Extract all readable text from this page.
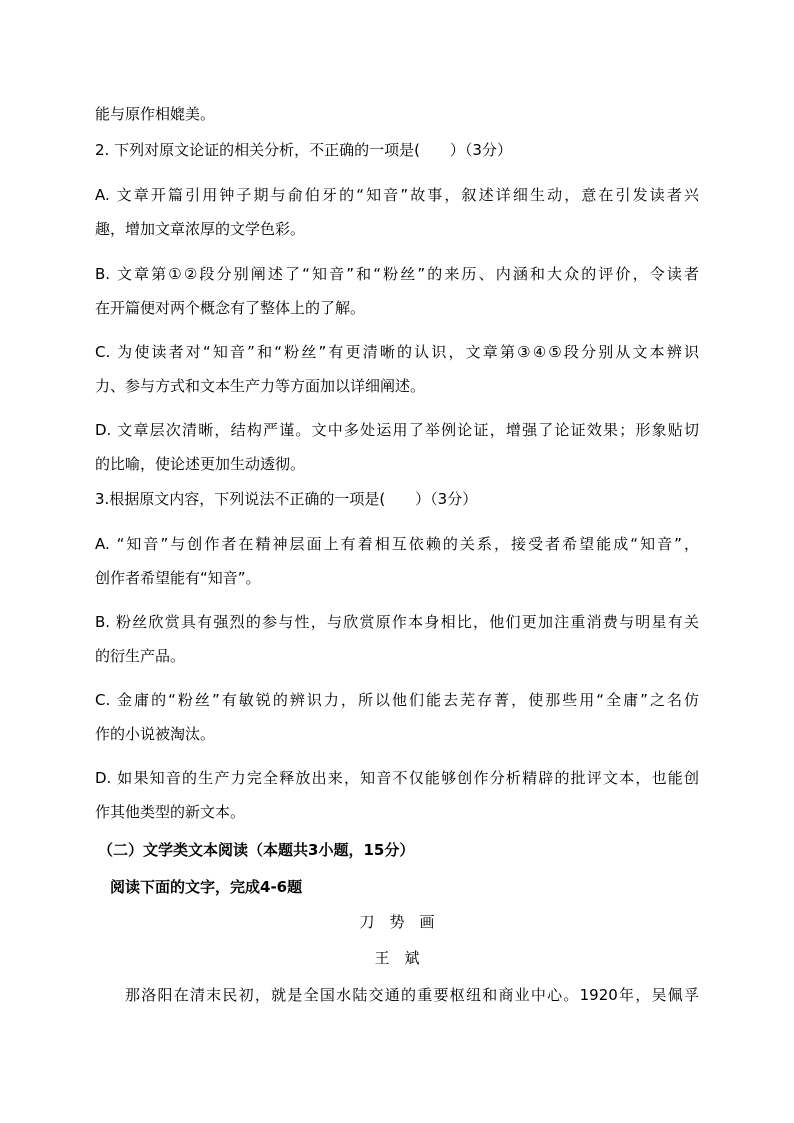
能与原作相媲美。
2. 下列对原文论证的相关分析，不正确的一项是(　　）（3分）
A. 文章开篇引用钟子期与俞伯牙的“知音”故事，叙述详细生动，意在引发读者兴
趣，增加文章浓厚的文学色彩。
B. 文章第①②段分别阐述了“知音”和“粉丝”的来历、内涵和大众的评价，令读者
在开篇便对两个概念有了整体上的了解。
C. 为使读者对“知音”和“粉丝”有更清晰的认识，文章第③④⑤段分别从文本辨识
力、参与方式和文本生产力等方面加以详细阐述。
D. 文章层次清晰，结构严谨。文中多处运用了举例论证，增强了论证效果；形象贴切
的比喻，使论述更加生动透彻。
3.根据原文内容，下列说法不正确的一项是(　　）（3分）
A. “知音”与创作者在精神层面上有着相互依赖的关系，接受者希望能成“知音”，
创作者希望能有“知音”。
B. 粉丝欣赏具有强烈的参与性，与欣赏原作本身相比，他们更加注重消费与明星有关
的衍生产品。
C. 金庸的“粉丝”有敏锐的辨识力，所以他们能去芜存菁，使那些用“全庸”之名仿
作的小说被淘汰。
D. 如果知音的生产力完全释放出来，知音不仅能够创作分析精辟的批评文本，也能创
作其他类型的新文本。
（二）文学类文本阅读（本题共3小题，15分）
阅读下面的文字，完成4-6题
刀　势　画
王　斌
那洛阳在清末民初，就是全国水陆交通的重要枢纽和商业中心。1920年，吴佩孚
